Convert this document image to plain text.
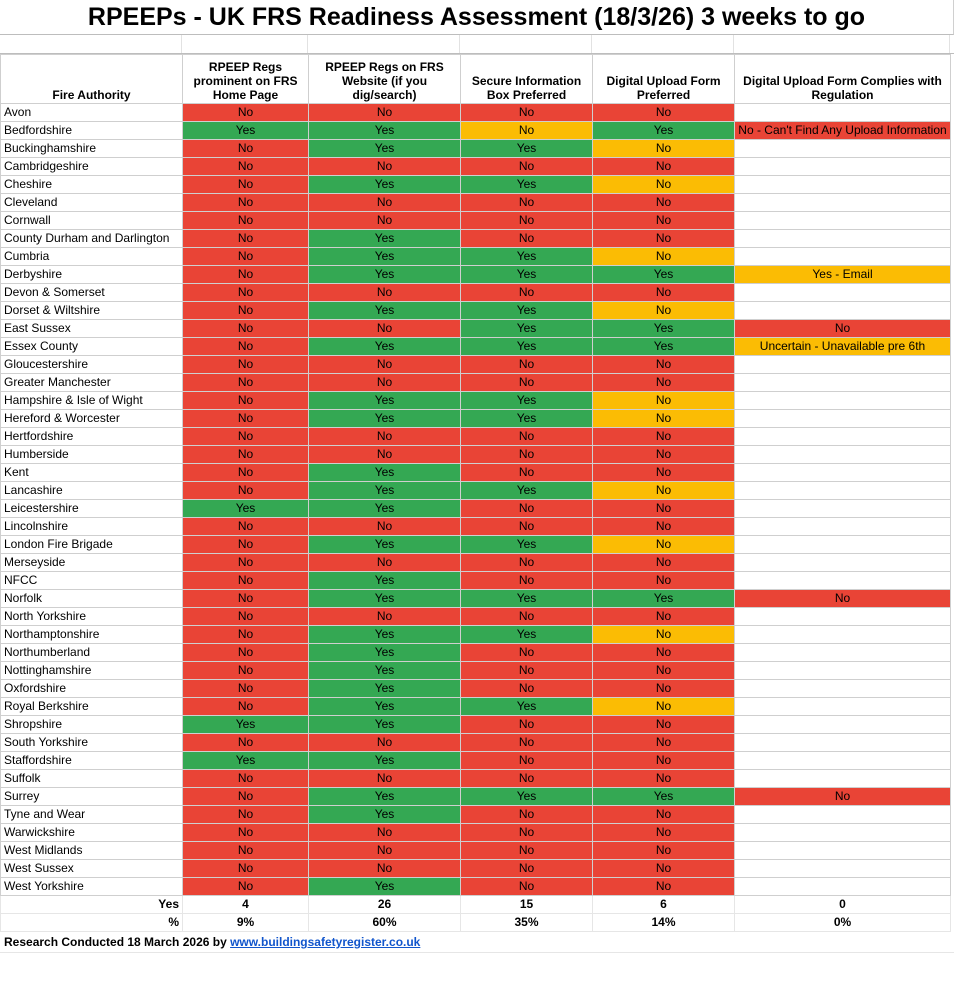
RPEEPs - UK FRS Readiness Assessment (18/3/26) 3 weeks to go
Fire Authority	RPEEP Regs prominent on FRS Home Page	RPEEP Regs on FRS Website (if you dig/search)	Secure Information Box Preferred	Digital Upload Form Preferred	Digital Upload Form Complies with Regulation
Avon	No	No	No	No	
Bedfordshire	Yes	Yes	No	Yes	No - Can't Find Any Upload Information
Buckinghamshire	No	Yes	Yes	No	
Cambridgeshire	No	No	No	No	
Cheshire	No	Yes	Yes	No	
Cleveland	No	No	No	No	
Cornwall	No	No	No	No	
County Durham and Darlington	No	Yes	No	No	
Cumbria	No	Yes	Yes	No	
Derbyshire	No	Yes	Yes	Yes	Yes - Email
Devon & Somerset	No	No	No	No	
Dorset & Wiltshire	No	Yes	Yes	No	
East Sussex	No	No	Yes	Yes	No
Essex County	No	Yes	Yes	Yes	Uncertain - Unavailable pre 6th
Gloucestershire	No	No	No	No	
Greater Manchester	No	No	No	No	
Hampshire & Isle of Wight	No	Yes	Yes	No	
Hereford & Worcester	No	Yes	Yes	No	
Hertfordshire	No	No	No	No	
Humberside	No	No	No	No	
Kent	No	Yes	No	No	
Lancashire	No	Yes	Yes	No	
Leicestershire	Yes	Yes	No	No	
Lincolnshire	No	No	No	No	
London Fire Brigade	No	Yes	Yes	No	
Merseyside	No	No	No	No	
NFCC	No	Yes	No	No	
Norfolk	No	Yes	Yes	Yes	No
North Yorkshire	No	No	No	No	
Northamptonshire	No	Yes	Yes	No	
Northumberland	No	Yes	No	No	
Nottinghamshire	No	Yes	No	No	
Oxfordshire	No	Yes	No	No	
Royal Berkshire	No	Yes	Yes	No	
Shropshire	Yes	Yes	No	No	
South Yorkshire	No	No	No	No	
Staffordshire	Yes	Yes	No	No	
Suffolk	No	No	No	No	
Surrey	No	Yes	Yes	Yes	No
Tyne and Wear	No	Yes	No	No	
Warwickshire	No	No	No	No	
West Midlands	No	No	No	No	
West Sussex	No	No	No	No	
West Yorkshire	No	Yes	No	No	
Yes	4	26	15	6	0
%	9%	60%	35%	14%	0%
Research Conducted 18 March 2026 by www.buildingsafetyregister.co.uk
